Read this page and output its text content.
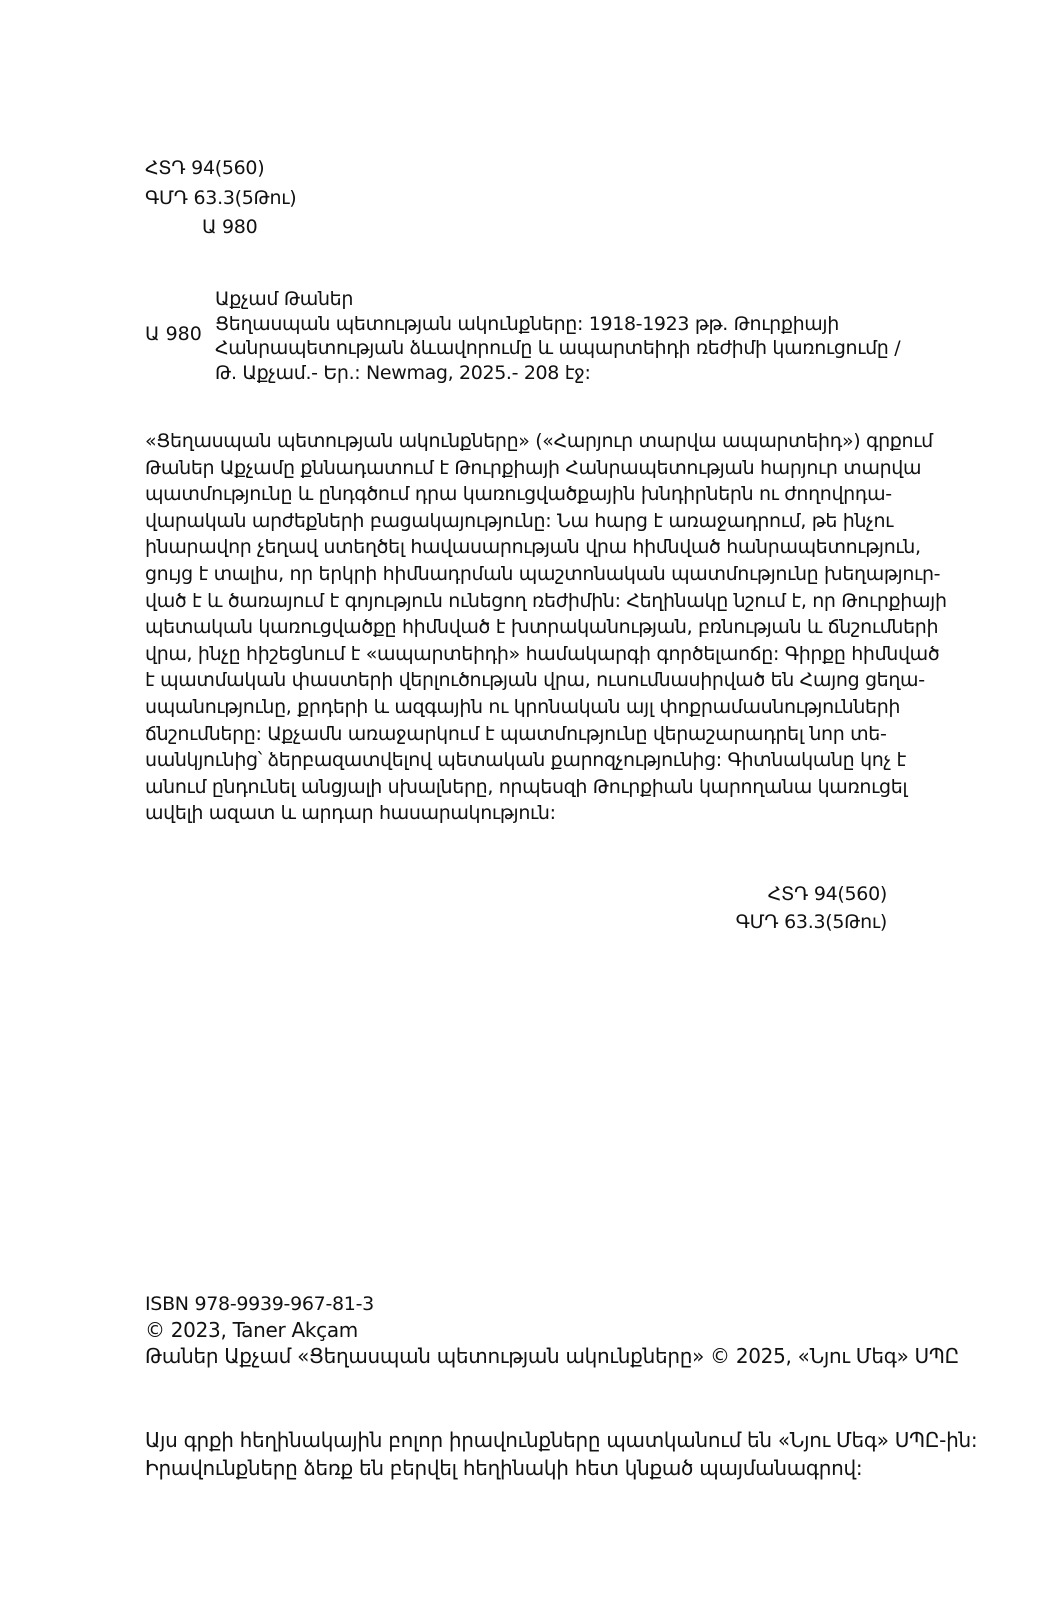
ՀՏԴ 94(560)
ԳՄԴ 63.3(5Թու)
Ա 980
Ա 980
Աքչամ Թաներ
Ցեղասպան պետության ակունքները: 1918-1923 թթ. Թուրքիայի
Հանրապետության ձևավորումը և ապարտեիդի ռեժիմի կառուցումը /
Թ. Աքչամ.- Եր.: Newmag, 2025.- 208 էջ:
«Ցեղասպան պետության ակունքները» («Հարյուր տարվա ապարտեիդ») գրքում
Թաներ Աքչամը քննադատում է Թուրքիայի Հանրապետության հարյուր տարվա
պատմությունը և ընդգծում դրա կառուցվածքային խնդիրներն ու ժողովրդա-
վարական արժեքների բացակայությունը: Նա հարց է առաջադրում, թե ինչու
ինարավոր չեղավ ստեղծել հավասարության վրա հիմնված հանրապետություն,
ցույց է տալիս, որ երկրի հիմնադրման պաշտոնական պատմությունը խեղաթյուր-
ված է և ծառայում է գոյություն ունեցող ռեժիմին: Հեղինակը նշում է, որ Թուրքիայի
պետական կառուցվածքը հիմնված է խտրականության, բռնության և ճնշումների
վրա, ինչը հիշեցնում է «ապարտեիդի» համակարգի գործելաոճը: Գիրքը հիմնված
է պատմական փաստերի վերլուծության վրա, ուսումնասիրված են Հայոց ցեղա-
սպանությունը, քրդերի և ազգային ու կրոնական այլ փոքրամասնությունների
ճնշումները: Աքչամն առաջարկում է պատմությունը վերաշարադրել նոր տե-
սանկյունից՝ ձերբազատվելով պետական քարոզչությունից: Գիտնականը կոչ է
անում ընդունել անցյալի սխալները, որպեսզի Թուրքիան կարողանա կառուցել
ավելի ազատ և արդար հասարակություն:
ՀՏԴ 94(560)
ԳՄԴ 63.3(5Թու)
ISBN 978-9939-967-81-3
© 2023, Taner Akçam
Թաներ Աքչամ «Ցեղասպան պետության ակունքները» © 2025, «Նյու Մեգ» ՍՊԸ
Այս գրքի հեղինակային բոլոր իրավունքները պատկանում են «Նյու Մեգ» ՍՊԸ-ին:
Իրավունքները ձեռք են բերվել հեղինակի հետ կնքած պայմանագրով:
